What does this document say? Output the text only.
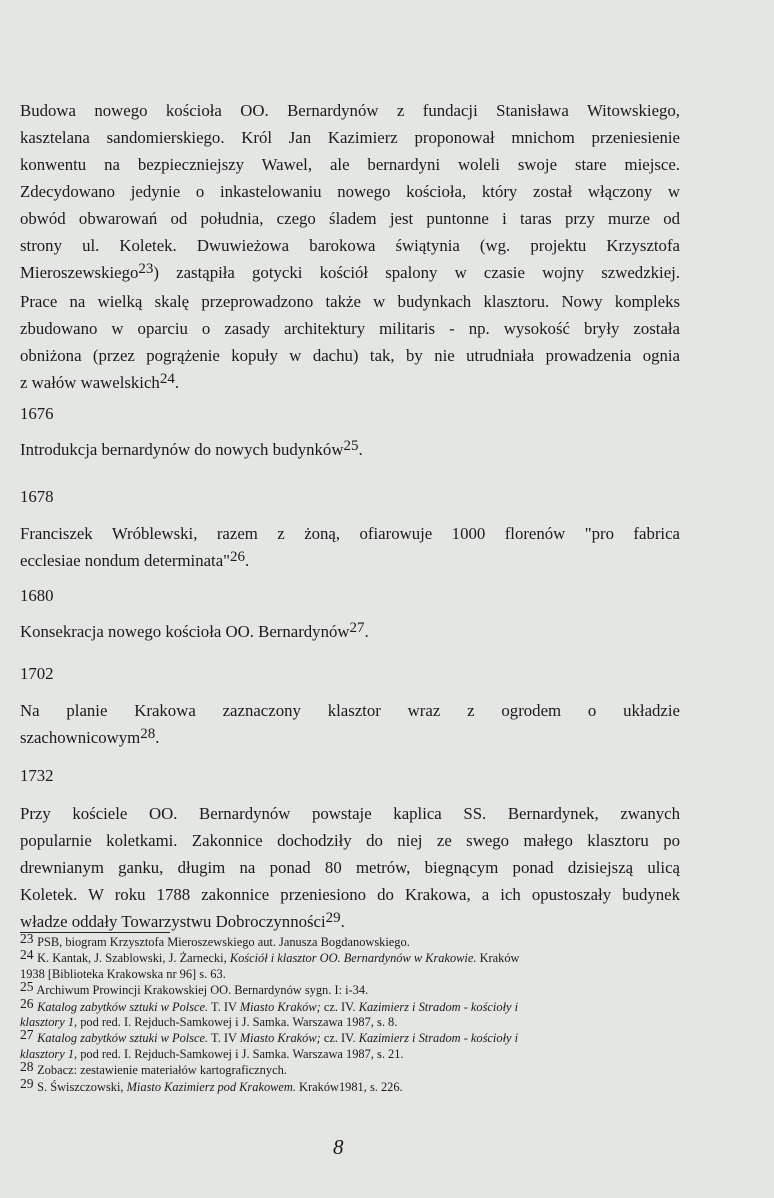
Budowa nowego kościoła OO. Bernardynów z fundacji Stanisława Witowskiego,
kasztelana sandomierskiego. Król Jan Kazimierz proponował mnichom przeniesienie
konwentu na bezpieczniejszy Wawel, ale bernardyni woleli swoje stare miejsce.
Zdecydowano jedynie o inkastelowaniu nowego kościoła, który został włączony w
obwód obwarowań od południa, czego śladem jest puntonne i taras przy murze od
strony ul. Koletek. Dwuwieżowa barokowa świątynia (wg. projektu Krzysztofa
Mieroszewskiego23) zastąpiła gotycki kościół spalony w czasie wojny szwedzkiej.
Prace na wielką skalę przeprowadzono także w budynkach klasztoru. Nowy kompleks
zbudowano w oparciu o zasady architektury militaris - np. wysokość bryły została
obniżona (przez pogrążenie kopuły w dachu) tak, by nie utrudniała prowadzenia ognia
z wałów wawelskich24.
1676
Introdukcja bernardynów do nowych budynków25.
1678
Franciszek Wróblewski, razem z żoną, ofiarowuje 1000 florenów "pro fabrica
ecclesiae nondum determinata"26.
1680
Konsekracja nowego kościoła OO. Bernardynów27.
1702
Na planie Krakowa zaznaczony klasztor wraz z ogrodem o układzie
szachownicowym28.
1732
Przy kościele OO. Bernardynów powstaje kaplica SS. Bernardynek, zwanych
popularnie koletkami. Zakonnice dochodziły do niej ze swego małego klasztoru po
drewnianym ganku, długim na ponad 80 metrów, biegnącym ponad dzisiejszą ulicą
Koletek. W roku 1788 zakonnice przeniesiono do Krakowa, a ich opustoszały budynek
władze oddały Towarzystwu Dobroczynności29.
23 PSB, biogram Krzysztofa Mieroszewskiego aut. Janusza Bogdanowskiego.
24 K. Kantak, J. Szablowski, J. Żarnecki, Kościół i klasztor OO. Bernardynów w Krakowie. Kraków
1938 [Biblioteka Krakowska nr 96] s. 63.
25 Archiwum Prowincji Krakowskiej OO. Bernardynów sygn. I: i-34.
26 Katalog zabytków sztuki w Polsce. T. IV Miasto Kraków; cz. IV. Kazimierz i Stradom - kościoły i
klasztory 1, pod red. I. Rejduch-Samkowej i J. Samka. Warszawa 1987, s. 8.
27 Katalog zabytków sztuki w Polsce. T. IV Miasto Kraków; cz. IV. Kazimierz i Stradom - kościoły i
klasztory 1, pod red. I. Rejduch-Samkowej i J. Samka. Warszawa 1987, s. 21.
28 Zobacz: zestawienie materiałów kartograficznych.
29 S. Świszczowski, Miasto Kazimierz pod Krakowem. Kraków1981, s. 226.
8
